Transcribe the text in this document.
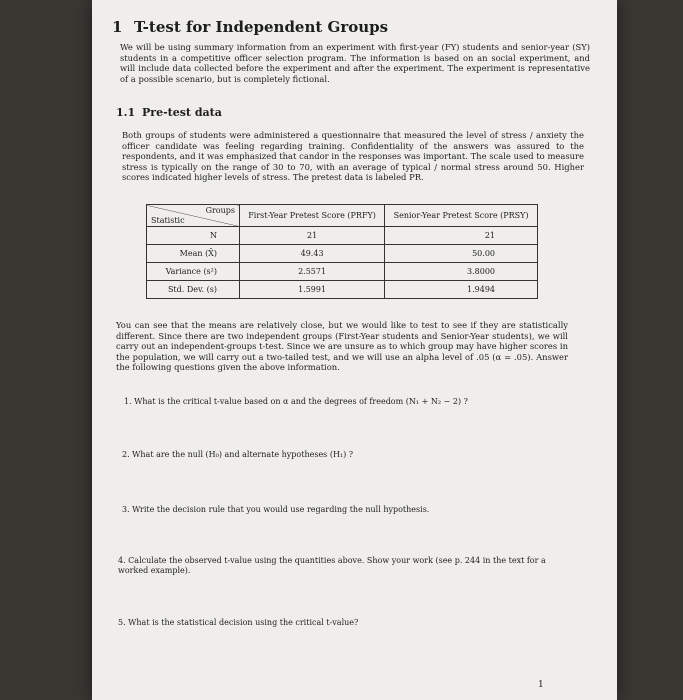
1 T-test for Independent Groups
We will be using summary information from an experiment with first-year (FY) students and senior-year (SY) students in a competitive officer selection program. The information is based on an social experiment, and will include data collected before the experiment and after the experiment. The experiment is representative of a possible scenario, but is completely fictional.
1.1 Pre-test data
Both groups of students were administered a questionnaire that measured the level of stress / anxiety the officer candidate was feeling regarding training. Confidentiality of the answers was assured to the respondents, and it was emphasized that candor in the responses was important. The scale used to measure stress is typically on the range of 30 to 70, with an average of typical / normal stress around 50. Higher scores indicated higher levels of stress. The pretest data is labeled PR.
Groups
Statistic	First-Year Pretest Score (PRFY)	Senior-Year Pretest Score (PRSY)
N	21	21
Mean (X̄)	49.43	50.00
Variance (s²)	2.5571	3.8000
Std. Dev. (s)	1.5991	1.9494
You can see that the means are relatively close, but we would like to test to see if they are statistically different. Since there are two independent groups (First-Year students and Senior-Year students), we will carry out an independent-groups t-test. Since we are unsure as to which group may have higher scores in the population, we will carry out a two-tailed test, and we will use an alpha level of .05 (α = .05). Answer the following questions given the above information.
1. What is the critical t-value based on α and the degrees of freedom (N₁ + N₂ − 2) ?
2. What are the null (H₀) and alternate hypotheses (H₁) ?
3. Write the decision rule that you would use regarding the null hypothesis.
4. Calculate the observed t-value using the quantities above. Show your work (see p. 244 in the text for a worked example).
5. What is the statistical decision using the critical t-value?
1
